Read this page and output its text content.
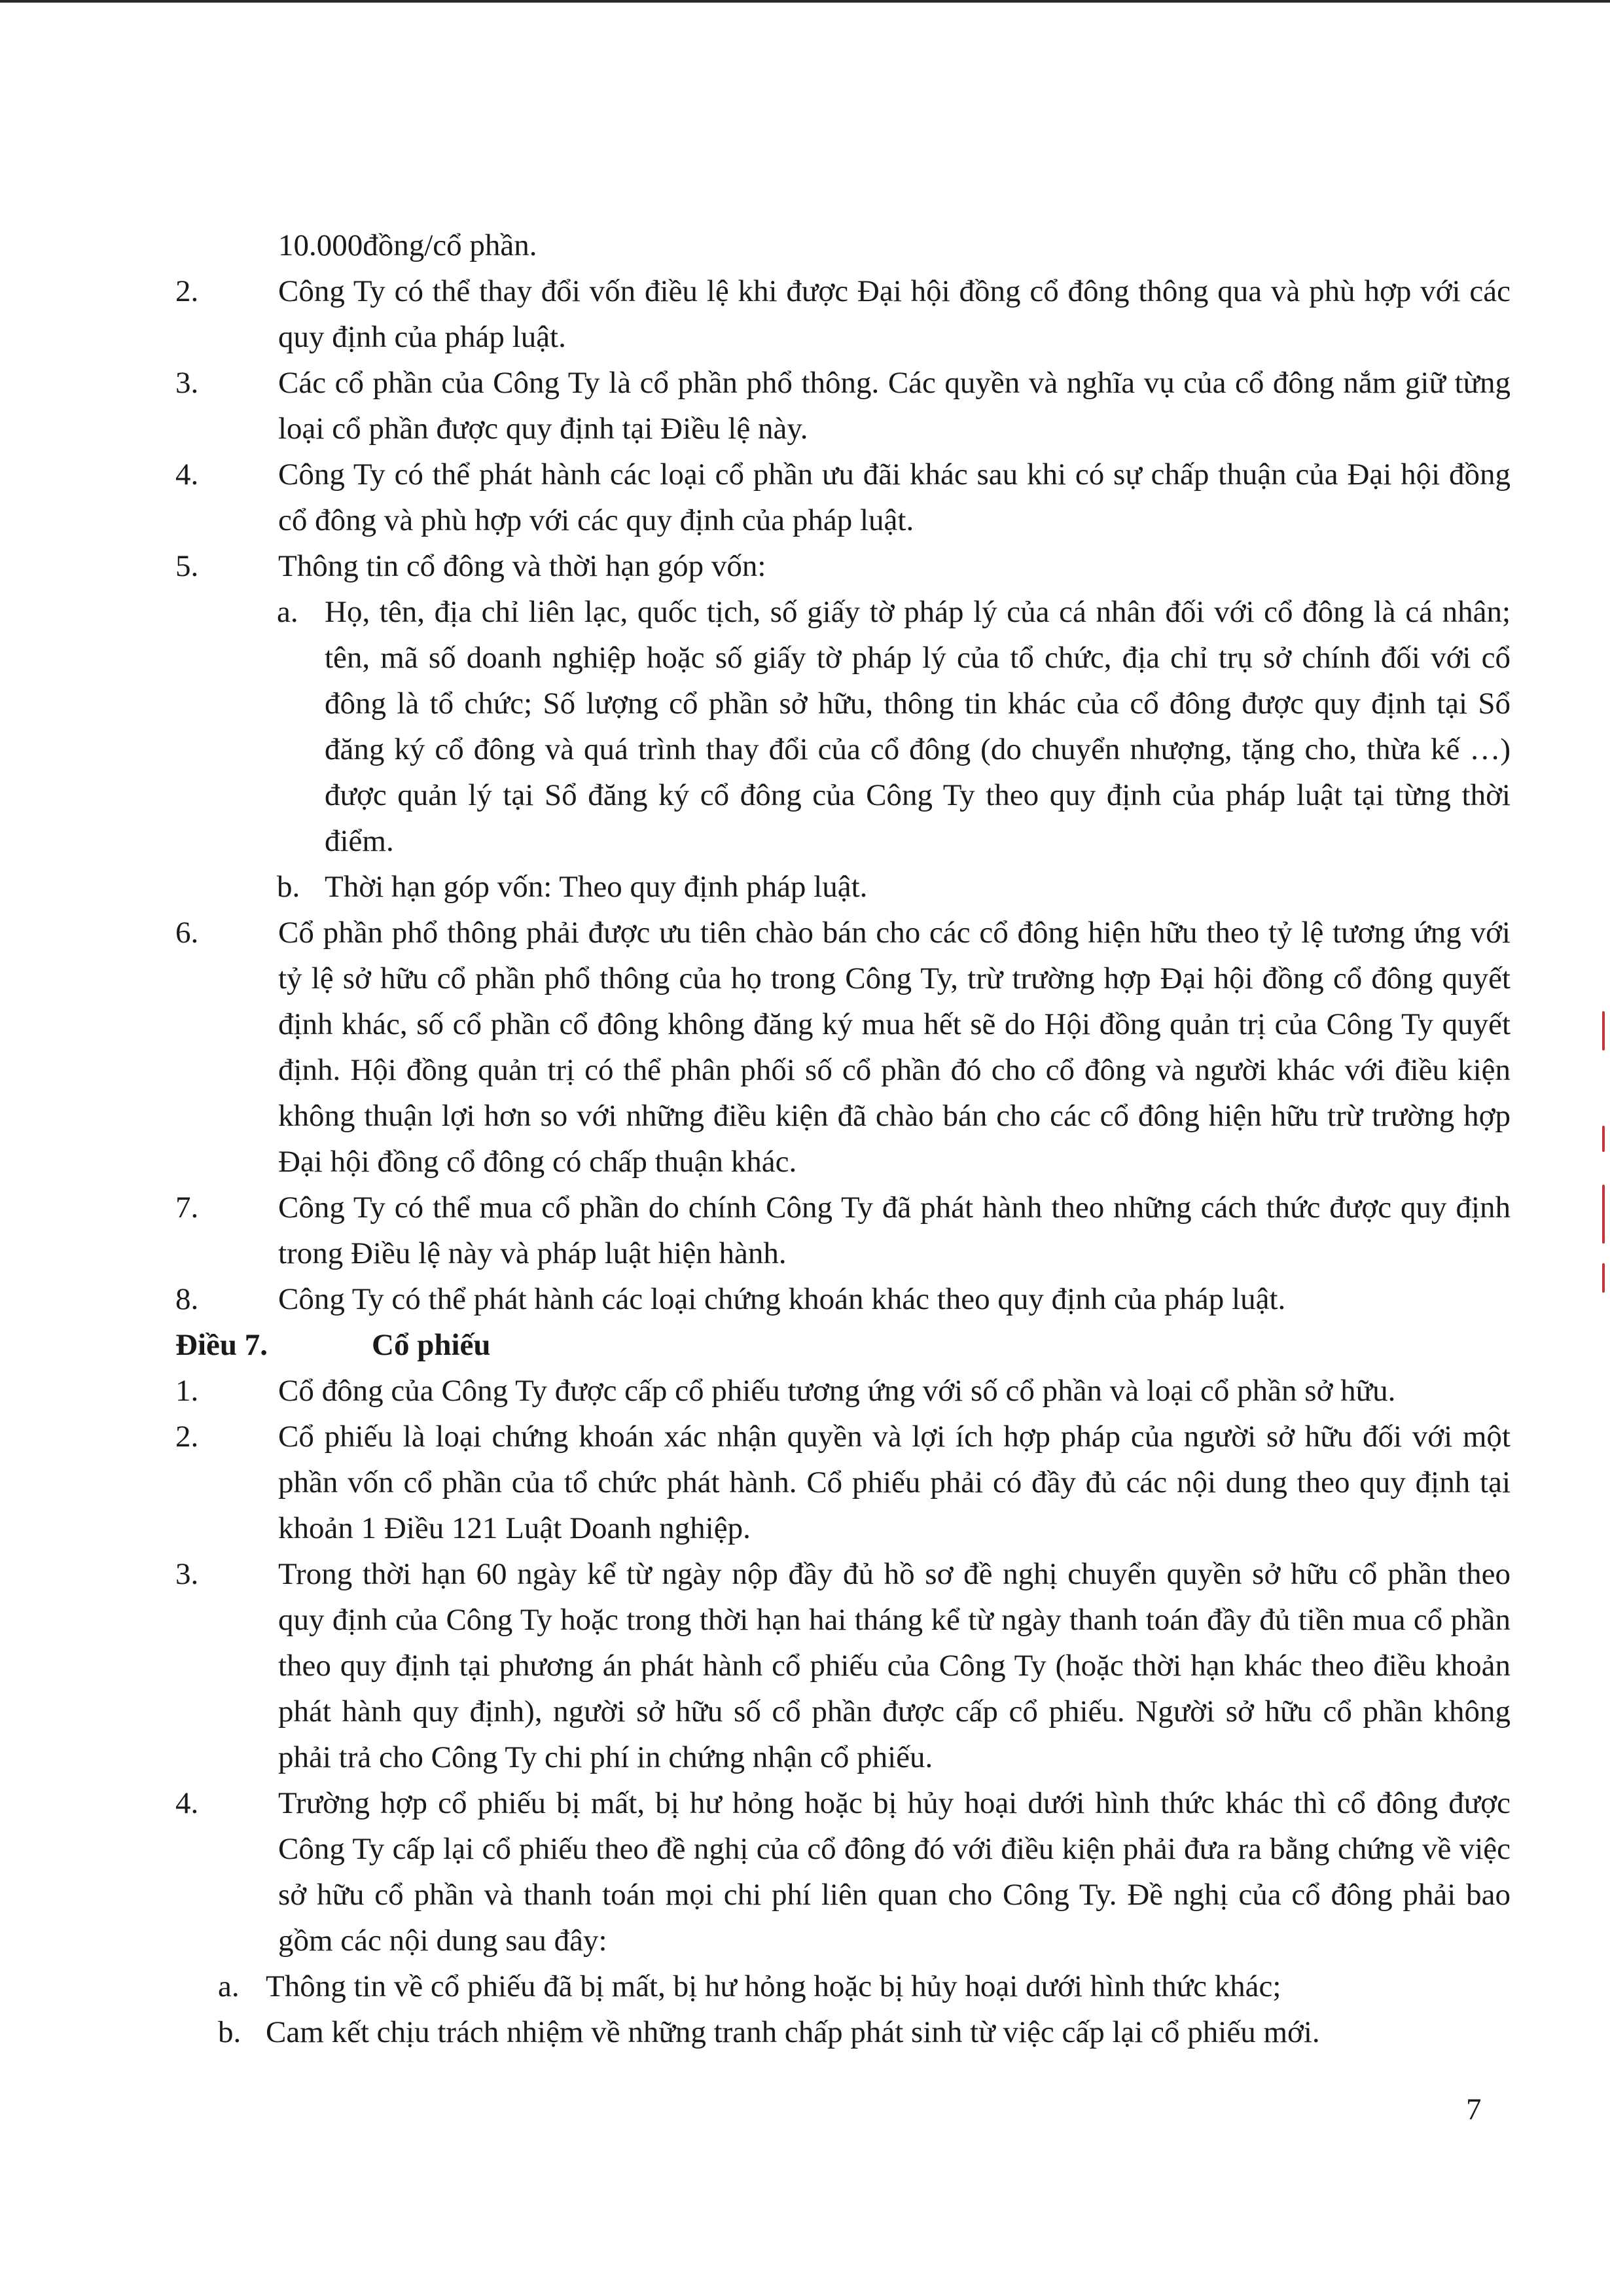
10.000đồng/cổ phần.
2.	Công Ty có thể thay đổi vốn điều lệ khi được Đại hội đồng cổ đông thông qua và phù hợp với các quy định của pháp luật.
3.	Các cổ phần của Công Ty là cổ phần phổ thông. Các quyền và nghĩa vụ của cổ đông nắm giữ từng loại cổ phần được quy định tại Điều lệ này.
4.	Công Ty có thể phát hành các loại cổ phần ưu đãi khác sau khi có sự chấp thuận của Đại hội đồng cổ đông và phù hợp với các quy định của pháp luật.
5.	Thông tin cổ đông và thời hạn góp vốn:
a. Họ, tên, địa chỉ liên lạc, quốc tịch, số giấy tờ pháp lý của cá nhân đối với cổ đông là cá nhân; tên, mã số doanh nghiệp hoặc số giấy tờ pháp lý của tổ chức, địa chỉ trụ sở chính đối với cổ đông là tổ chức; Số lượng cổ phần sở hữu, thông tin khác của cổ đông được quy định tại Sổ đăng ký cổ đông và quá trình thay đổi của cổ đông (do chuyển nhượng, tặng cho, thừa kế …) được quản lý tại Sổ đăng ký cổ đông của Công Ty theo quy định của pháp luật tại từng thời điểm.
b. Thời hạn góp vốn: Theo quy định pháp luật.
6.	Cổ phần phổ thông phải được ưu tiên chào bán cho các cổ đông hiện hữu theo tỷ lệ tương ứng với tỷ lệ sở hữu cổ phần phổ thông của họ trong Công Ty, trừ trường hợp Đại hội đồng cổ đông quyết định khác, số cổ phần cổ đông không đăng ký mua hết sẽ do Hội đồng quản trị của Công Ty quyết định. Hội đồng quản trị có thể phân phối số cổ phần đó cho cổ đông và người khác với điều kiện không thuận lợi hơn so với những điều kiện đã chào bán cho các cổ đông hiện hữu trừ trường hợp Đại hội đồng cổ đông có chấp thuận khác.
7.	Công Ty có thể mua cổ phần do chính Công Ty đã phát hành theo những cách thức được quy định trong Điều lệ này và pháp luật hiện hành.
8.	Công Ty có thể phát hành các loại chứng khoán khác theo quy định của pháp luật.
Điều 7.	Cổ phiếu
1.	Cổ đông của Công Ty được cấp cổ phiếu tương ứng với số cổ phần và loại cổ phần sở hữu.
2.	Cổ phiếu là loại chứng khoán xác nhận quyền và lợi ích hợp pháp của người sở hữu đối với một phần vốn cổ phần của tổ chức phát hành. Cổ phiếu phải có đầy đủ các nội dung theo quy định tại khoản 1 Điều 121 Luật Doanh nghiệp.
3.	Trong thời hạn 60 ngày kể từ ngày nộp đầy đủ hồ sơ đề nghị chuyển quyền sở hữu cổ phần theo quy định của Công Ty hoặc trong thời hạn hai tháng kể từ ngày thanh toán đầy đủ tiền mua cổ phần theo quy định tại phương án phát hành cổ phiếu của Công Ty (hoặc thời hạn khác theo điều khoản phát hành quy định), người sở hữu số cổ phần được cấp cổ phiếu. Người sở hữu cổ phần không phải trả cho Công Ty chi phí in chứng nhận cổ phiếu.
4.	Trường hợp cổ phiếu bị mất, bị hư hỏng hoặc bị hủy hoại dưới hình thức khác thì cổ đông được Công Ty cấp lại cổ phiếu theo đề nghị của cổ đông đó với điều kiện phải đưa ra bằng chứng về việc sở hữu cổ phần và thanh toán mọi chi phí liên quan cho Công Ty. Đề nghị của cổ đông phải bao gồm các nội dung sau đây:
a. Thông tin về cổ phiếu đã bị mất, bị hư hỏng hoặc bị hủy hoại dưới hình thức khác;
b. Cam kết chịu trách nhiệm về những tranh chấp phát sinh từ việc cấp lại cổ phiếu mới.
7
